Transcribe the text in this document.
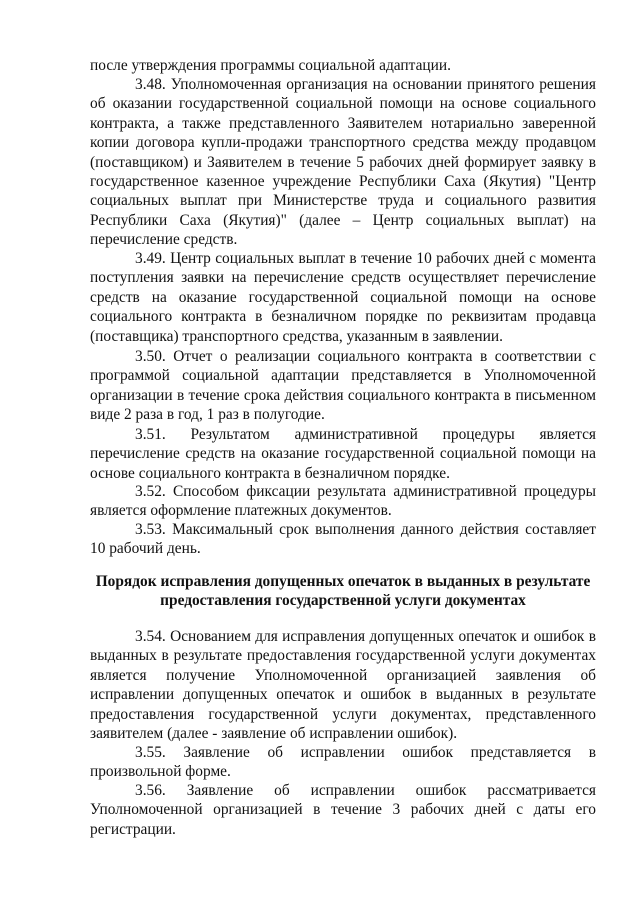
после утверждения программы социальной адаптации.
3.48. Уполномоченная организация на основании принятого решения об оказании государственной социальной помощи на основе социального контракта, а также представленного Заявителем нотариально заверенной копии договора купли-продажи транспортного средства между продавцом (поставщиком) и Заявителем в течение 5 рабочих дней формирует заявку в государственное казенное учреждение Республики Саха (Якутия) "Центр социальных выплат при Министерстве труда и социального развития Республики Саха (Якутия)" (далее – Центр социальных выплат) на перечисление средств.
3.49. Центр социальных выплат в течение 10 рабочих дней с момента поступления заявки на перечисление средств осуществляет перечисление средств на оказание государственной социальной помощи на основе социального контракта в безналичном порядке по реквизитам продавца (поставщика) транспортного средства, указанным в заявлении.
3.50. Отчет о реализации социального контракта в соответствии с программой социальной адаптации представляется в Уполномоченной организации в течение срока действия социального контракта в письменном виде 2 раза в год, 1 раз в полугодие.
3.51. Результатом административной процедуры является перечисление средств на оказание государственной социальной помощи на основе социального контракта в безналичном порядке.
3.52. Способом фиксации результата административной процедуры является оформление платежных документов.
3.53. Максимальный срок выполнения данного действия составляет 10 рабочий день.
Порядок исправления допущенных опечаток в выданных в результате предоставления государственной услуги документах
3.54. Основанием для исправления допущенных опечаток и ошибок в выданных в результате предоставления государственной услуги документах является получение Уполномоченной организацией заявления об исправлении допущенных опечаток и ошибок в выданных в результате предоставления государственной услуги документах, представленного заявителем (далее - заявление об исправлении ошибок).
3.55. Заявление об исправлении ошибок представляется в произвольной форме.
3.56. Заявление об исправлении ошибок рассматривается Уполномоченной организацией в течение 3 рабочих дней с даты его регистрации.
